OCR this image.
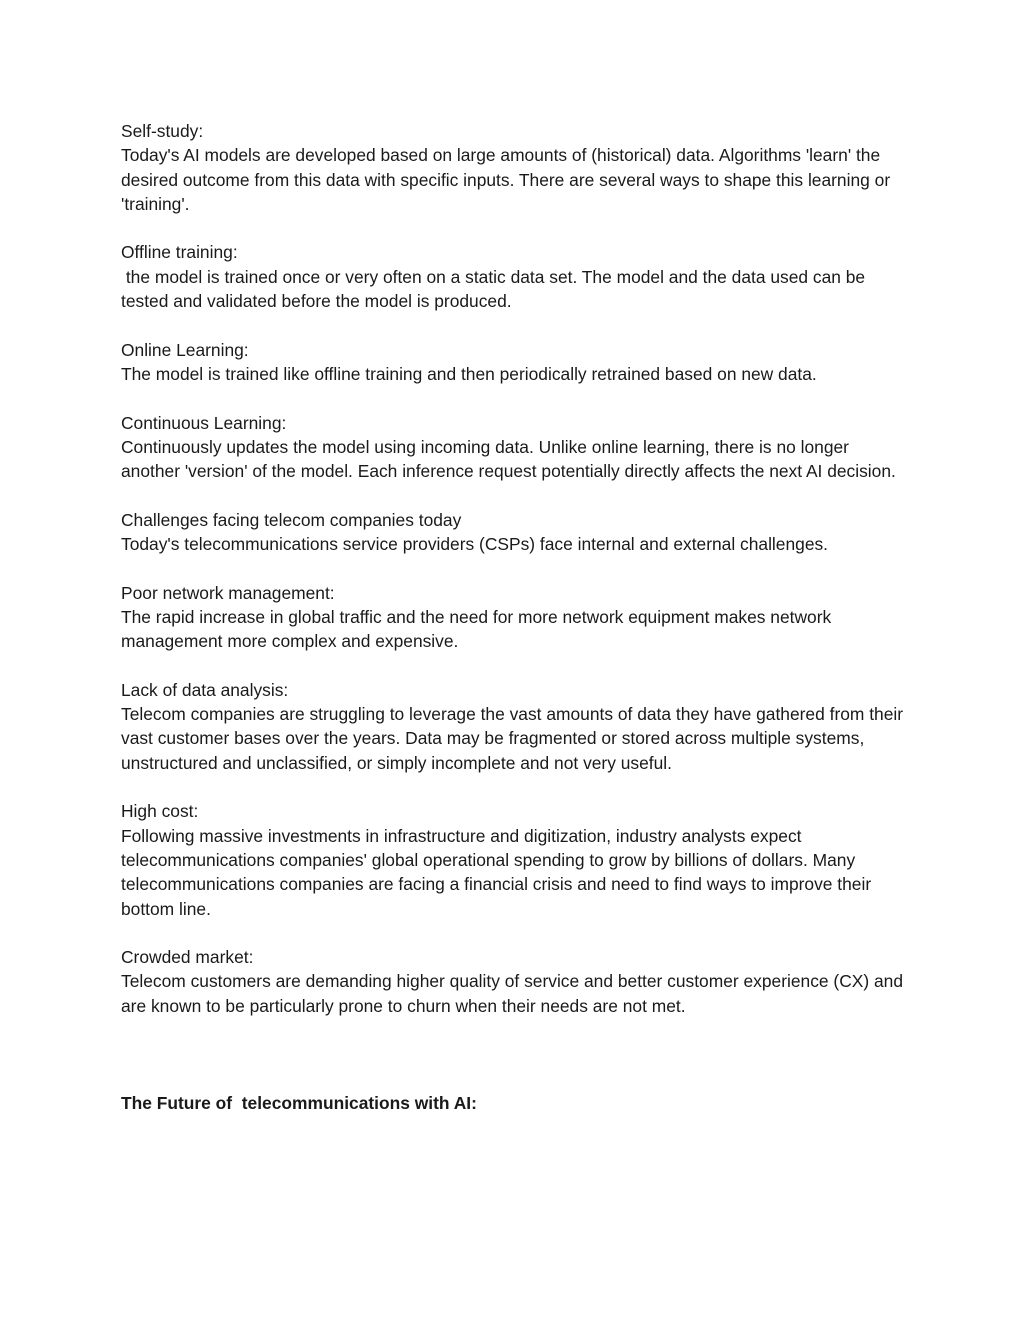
Self-study:

Today's AI models are developed based on large amounts of (historical) data. Algorithms 'learn' the desired outcome from this data with specific inputs. There are several ways to shape this learning or 'training'.

Offline training:

the model is trained once or very often on a static data set. The model and the data used can be tested and validated before the model is produced.

Online Learning:

The model is trained like offline training and then periodically retrained based on new data.

Continuous Learning:

Continuously updates the model using incoming data. Unlike online learning, there is no longer another 'version' of the model. Each inference request potentially directly affects the next AI decision.

Challenges facing telecom companies today

Today's telecommunications service providers (CSPs) face internal and external challenges.

Poor network management:

The rapid increase in global traffic and the need for more network equipment makes network management more complex and expensive.

Lack of data analysis:

Telecom companies are struggling to leverage the vast amounts of data they have gathered from their vast customer bases over the years. Data may be fragmented or stored across multiple systems, unstructured and unclassified, or simply incomplete and not very useful.

High cost:

Following massive investments in infrastructure and digitization, industry analysts expect telecommunications companies' global operational spending to grow by billions of dollars. Many telecommunications companies are facing a financial crisis and need to find ways to improve their bottom line.

Crowded market:

Telecom customers are demanding higher quality of service and better customer experience (CX) and are known to be particularly prone to churn when their needs are not met.

The Future of  telecommunications with AI:
